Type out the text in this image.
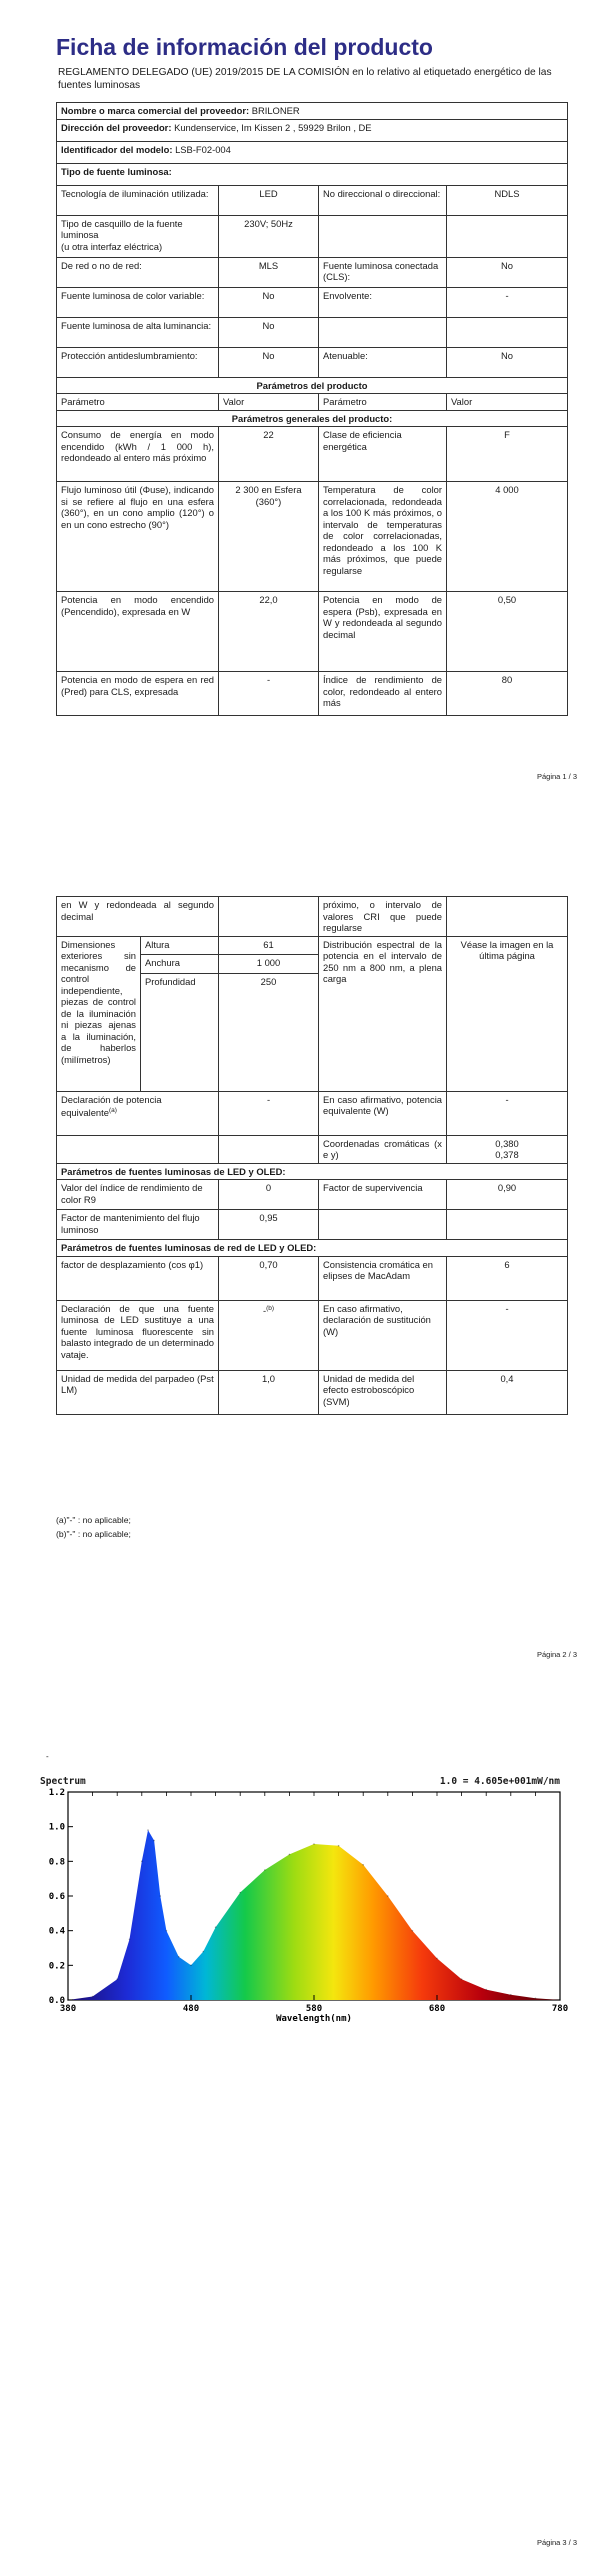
Ficha de información del producto
REGLAMENTO DELEGADO (UE) 2019/2015 DE LA COMISIÓN en lo relativo al etiquetado energético de las fuentes luminosas
Nombre o marca comercial del proveedor: BRILONER			
Dirección del proveedor: Kundenservice, Im Kissen 2 , 59929 Brilon , DE			
Identificador del modelo: LSB-F02-004			
Tipo de fuente luminosa:			
Tecnología de iluminación utilizada:	LED	No direccional o direccional:	NDLS

Tipo de casquillo de la fuente luminosa
(u otra interfaz eléctrica)	230V; 50Hz		
De red o no de red:	MLS	Fuente luminosa conectada (CLS):	No
Fuente luminosa de color variable:	No	Envolvente:	-
Fuente luminosa de alta luminancia:	No		
Protección antideslumbramiento:	No	Atenuable:	No
Parámetros del producto			
Parámetro	Valor	Parámetro	Valor
Parámetros generales del producto:			
Consumo de energía en modo encendido (kWh / 1 000 h), redondeado al entero más próximo	22	Clase de eficiencia energética	F
Flujo luminoso útil (Φuse), indicando si se refiere al flujo en una esfera (360°), en un cono amplio (120°) o en un cono estrecho (90°)	2 300 en Esfera (360°)	Temperatura de color correlacionada, redondeada a los 100 K más próximos, o intervalo de temperaturas de color correlacionadas, redondeado a los 100 K más próximos, que puede regularse	4 000
Potencia en modo encendido (Pencendido), expresada en W	22,0	Potencia en modo de espera (Psb), expresada en W y redondeada al segundo decimal	0,50
Potencia en modo de espera en red (Pred) para CLS, expresada	-	Índice de rendimiento de color, redondeado al entero más	80
Página 1 / 3
en W y redondeada al segundo decimal			próximo, o intervalo de valores CRI que puede regularse	
Dimensiones exteriores sin mecanismo de control independiente, piezas de control de la iluminación ni piezas ajenas a la iluminación, de haberlos (milímetros)	Altura	61	Distribución espectral de la potencia en el intervalo de 250 nm a 800 nm, a plena carga	Véase la imagen en la última página
	Anchura	1 000		
	Profundidad	250		
Declaración de potencia equivalente$^{(a)}$		-	En caso afirmativo, potencia equivalente (W)	-
			Coordenadas cromáticas (x e y)	0,380
0,378

Parámetros de fuentes luminosas de LED y OLED:				
Valor del índice de rendimiento de color R9		0	Factor de supervivencia	0,90
Factor de mantenimiento del flujo luminoso		0,95		
Parámetros de fuentes luminosas de red de LED y OLED:				
factor de desplazamiento (cos φ1)		0,70	Consistencia cromática en elipses de MacAdam	6
Declaración de que una fuente luminosa de LED sustituye a una fuente luminosa fluorescente sin balasto integrado de un determinado vataje.		-$^{(b)}$	En caso afirmativo, declaración de sustitución (W)	-
Unidad de medida del parpadeo (Pst LM)		1,0	Unidad de medida del efecto estroboscópico (SVM)	0,4
(a)"-" : no aplicable;
(b)"-" : no aplicable;
Página 2 / 3
-
Spectrum	1.0 = 4.605e+001mW/nm
0.0
0.2
0.4
0.6
0.8
1.0
1.2
380	480	580	680	780
Wavelength(nm)
Página 3 / 3
